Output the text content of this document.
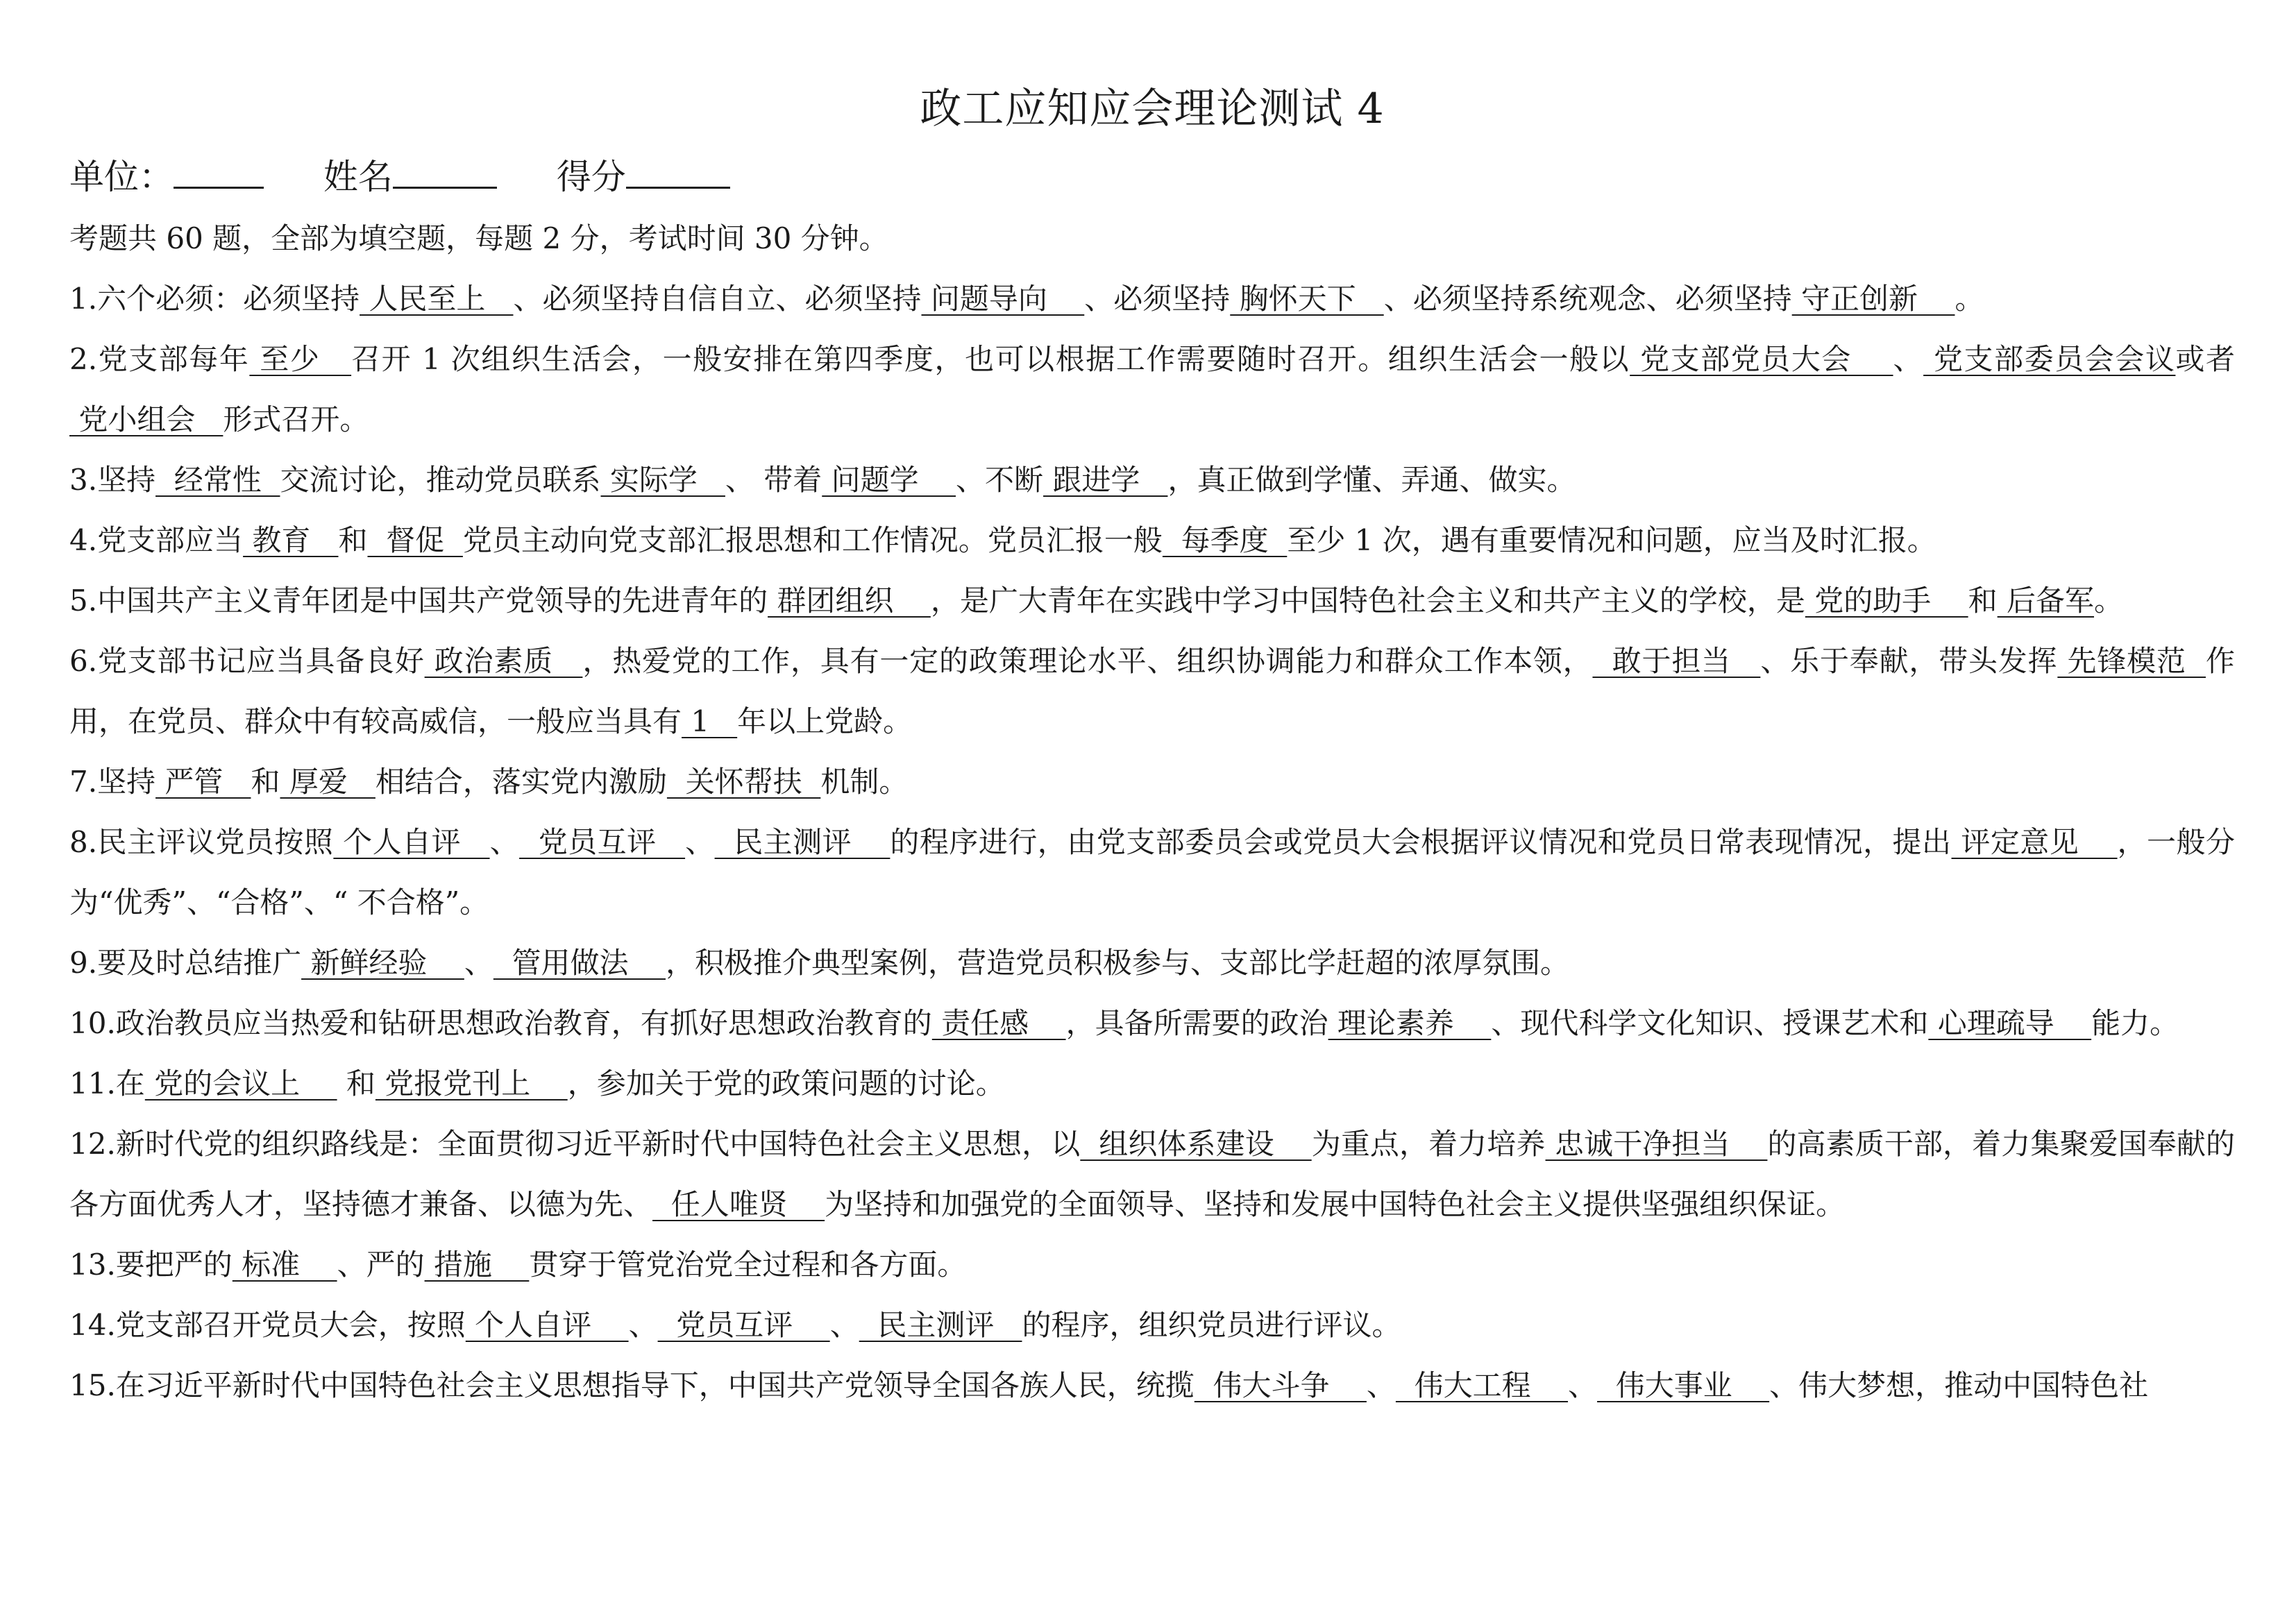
政工应知应会理论测试 4
单位：	姓名	得分
考题共 60 题，全部为填空题，每题 2 分，考试时间 30 分钟。
1.六个必须：必须坚持 人民至上   、必须坚持自信自立、必须坚持 问题导向    、必须坚持 胸怀天下   、必须坚持系统观念、必须坚持 守正创新    。
2.党支部每年 至少   召开 1 次组织生活会，一般安排在第四季度，也可以根据工作需要随时召开。组织生活会一般以 党支部党员大会    、 党支部委员会会议或者 党小组会   形式召开。
3.坚持  经常性  交流讨论，推动党员联系 实际学   、 带着 问题学    、不断 跟进学   ，真正做到学懂、弄通、做实。
4.党支部应当 教育   和  督促  党员主动向党支部汇报思想和工作情况。党员汇报一般  每季度  至少 1 次，遇有重要情况和问题，应当及时汇报。
5.中国共产主义青年团是中国共产党领导的先进青年的 群团组织    ，是广大青年在实践中学习中国特色社会主义和共产主义的学校，是 党的助手    和 后备军。
6.党支部书记应当具备良好 政治素质   ，热爱党的工作，具有一定的政策理论水平、组织协调能力和群众工作本领，  敢于担当   、乐于奉献，带头发挥 先锋模范  作用，在党员、群众中有较高威信，一般应当具有 1   年以上党龄。
7.坚持 严管   和 厚爱   相结合，落实党内激励  关怀帮扶  机制。
8.民主评议党员按照 个人自评   、  党员互评   、  民主测评    的程序进行，由党支部委员会或党员大会根据评议情况和党员日常表现情况，提出 评定意见    ，一般分为“优秀”、“合格”、“ 不合格”。
9.要及时总结推广 新鲜经验    、  管用做法    ，积极推介典型案例，营造党员积极参与、支部比学赶超的浓厚氛围。
10.政治教员应当热爱和钻研思想政治教育，有抓好思想政治教育的 责任感    ，具备所需要的政治 理论素养    、现代科学文化知识、授课艺术和 心理疏导    能力。
11.在 党的会议上     和 党报党刊上    ，参加关于党的政策问题的讨论。
12.新时代党的组织路线是：全面贯彻习近平新时代中国特色社会主义思想，以  组织体系建设    为重点，着力培养 忠诚干净担当    的高素质干部，着力集聚爱国奉献的各方面优秀人才，坚持德才兼备、以德为先、  任人唯贤    为坚持和加强党的全面领导、坚持和发展中国特色社会主义提供坚强组织保证。
13.要把严的 标准    、严的 措施    贯穿于管党治党全过程和各方面。
14.党支部召开党员大会，按照 个人自评    、  党员互评    、  民主测评   的程序，组织党员进行评议。
15.在习近平新时代中国特色社会主义思想指导下，中国共产党领导全国各族人民，统揽  伟大斗争    、  伟大工程    、  伟大事业    、伟大梦想，推动中国特色社
